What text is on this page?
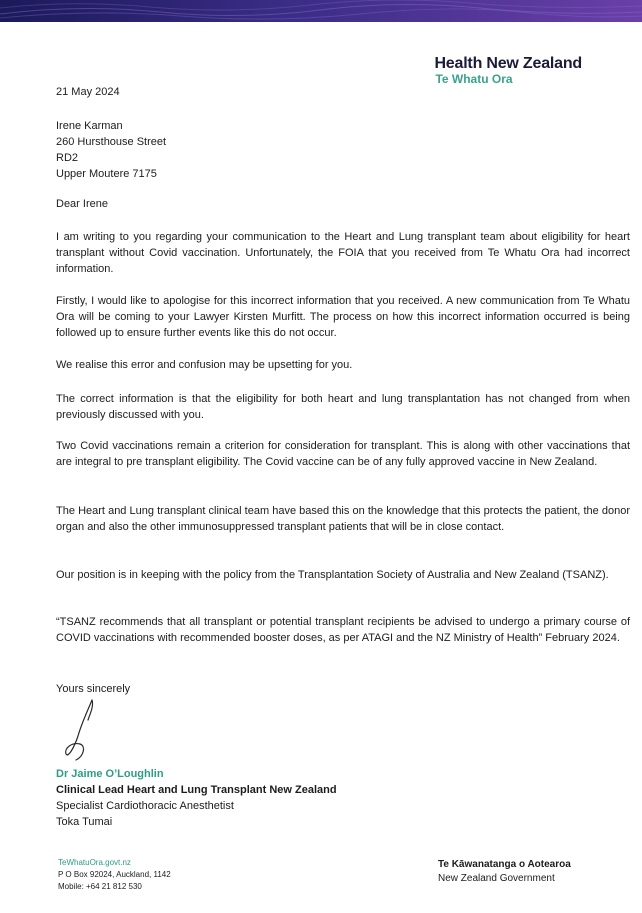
Health New Zealand
Te Whatu Ora
21 May 2024
Irene Karman
260 Hursthouse Street
RD2
Upper Moutere 7175
Dear Irene
I am writing to you regarding your communication to the Heart and Lung transplant team about eligibility for heart transplant without Covid vaccination. Unfortunately, the FOIA that you received from Te Whatu Ora had incorrect information.
Firstly, I would like to apologise for this incorrect information that you received. A new communication from Te Whatu Ora will be coming to your Lawyer Kirsten Murfitt. The process on how this incorrect information occurred is being followed up to ensure further events like this do not occur.
We realise this error and confusion may be upsetting for you.
The correct information is that the eligibility for both heart and lung transplantation has not changed from when previously discussed with you.
Two Covid vaccinations remain a criterion for consideration for transplant. This is along with other vaccinations that are integral to pre transplant eligibility. The Covid vaccine can be of any fully approved vaccine in New Zealand.
The Heart and Lung transplant clinical team have based this on the knowledge that this protects the patient, the donor organ and also the other immunosuppressed transplant patients that will be in close contact.
Our position is in keeping with the policy from the Transplantation Society of Australia and New Zealand (TSANZ).
“TSANZ recommends that all transplant or potential transplant recipients be advised to undergo a primary course of COVID vaccinations with recommended booster doses, as per ATAGI and the NZ Ministry of Health” February 2024.
Yours sincerely
Dr Jaime O’Loughlin
Clinical Lead Heart and Lung Transplant New Zealand
Specialist Cardiothoracic Anesthetist
Toka Tumai
TeWhatuOra.govt.nz
P O Box 92024, Auckland, 1142
Mobile: +64 21 812 530
Te Kāwanatanga o Aotearoa
New Zealand Government
